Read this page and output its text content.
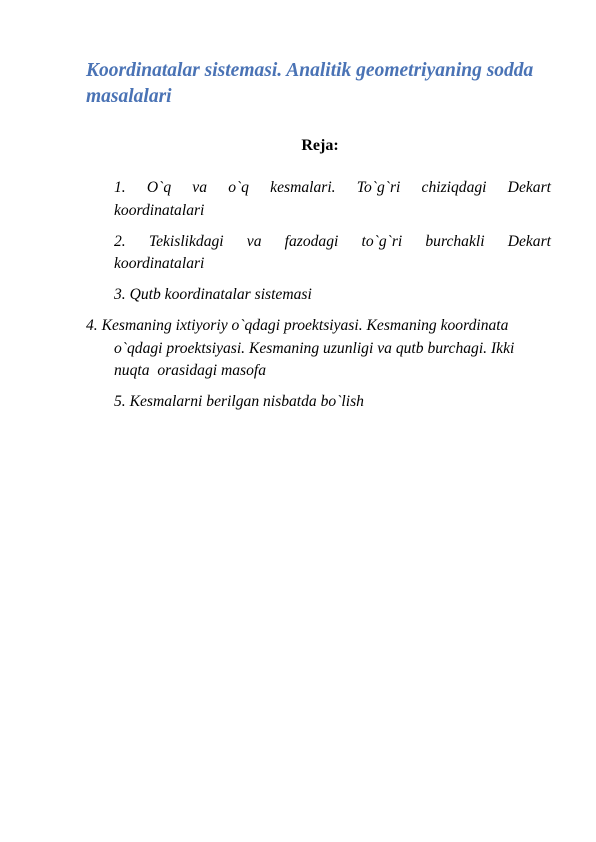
Koordinatalar sistemasi. Analitik geometriyaning sodda masalalari
Reja:
1. O`q va o`q kesmalari. To`g`ri chiziqdagi Dekart
koordinatalari
2. Tekislikdagi va fazodagi to`g`ri burchakli Dekart
koordinatalari
3. Qutb koordinatalar sistemasi
4. Kesmaning ixtiyoriy o`qdagi proektsiyasi. Kesmaning koordinata   o`qdagi proektsiyasi. Kesmaning uzunligi va qutb burchagi. Ikki nuqta  orasidagi masofa
5. Kesmalarni berilgan nisbatda bo`lish
